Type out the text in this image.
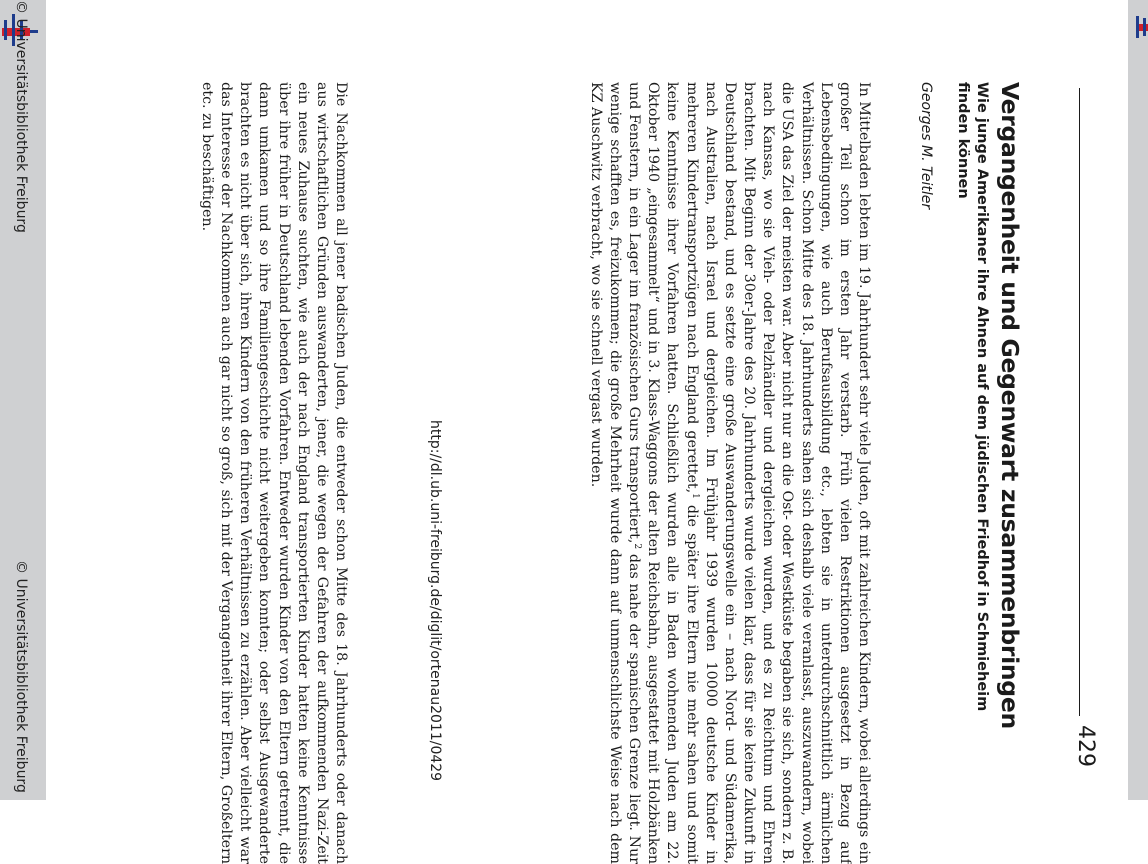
429

Vergangenheit und Gegenwart zusammenbringen

Wie junge Amerikaner ihre Ahnen auf dem jüdischen Friedhof in Schmieheim finden können

Georges M. Teitler

In Mittelbaden lebten im 19. Jahrhundert sehr viele Juden, oft mit zahlreichen Kindern, wobei allerdings ein großer Teil schon im ersten Jahr verstarb. Früh vielen Restriktionen ausgesetzt in Bezug auf Lebensbedingungen, wie auch Berufsausbildung etc., lebten sie in unterdurchschnittlich ärmlichen Verhältnissen. Schon Mitte des 18. Jahrhunderts sahen sich deshalb viele veranlasst, auszuwandern, wobei die USA das Ziel der meisten war. Aber nicht nur an die Ost- oder Westküste begaben sie sich, sondern z. B. nach Kansas, wo sie Vieh- oder Pelzhändler und dergleichen wurden, und es zu Reichtum und Ehren brachten. Mit Beginn der 30er-Jahre des 20. Jahrhunderts wurde vielen klar, dass für sie keine Zukunft in Deutschland bestand, und es setzte eine große Auswanderungswelle ein – nach Nord- und Südamerika, nach Australien, nach Israel und dergleichen. Im Frühjahr 1939 wurden 10000 deutsche Kinder in mehreren Kindertransportzügen nach England gerettet,$^1$ die später ihre Eltern nie mehr sahen und somit keine Kenntnisse ihrer Vorfahren hatten. Schließlich wurden alle in Baden wohnenden Juden am 22. Oktober 1940 „eingesammelt“ und in 3. Klass-Waggons der alten Reichsbahn, ausgestattet mit Holzbänken und Fenstern, in ein Lager im französischen Gurs transportiert,$^2$ das nahe der spanischen Grenze liegt. Nur wenige schafften es, freizukommen; die große Mehrheit wurde dann auf unmenschlichste Weise nach dem KZ Auschwitz verbracht, wo sie schnell vergast wurden.

Die Nachkommen all jener badischen Juden, die entweder schon Mitte des 18. Jahrhunderts oder danach aus wirtschaftlichen Gründen auswanderten, jener, die wegen der Gefahren der aufkommenden Nazi-Zeit ein neues Zuhause suchten, wie auch der nach England transportierten Kinder hatten keine Kenntnisse über ihre früher in Deutschland lebenden Vorfahren. Entweder wurden Kinder von den Eltern getrennt, die dann umkamen und so ihre Familiengeschichte nicht weitergeben konnten; oder selbst Ausgewanderte brachten es nicht über sich, ihren Kindern von den früheren Verhältnissen zu erzählen. Aber vielleicht war das Interesse der Nachkommen auch gar nicht so groß, sich mit der Vergangenheit ihrer Eltern, Großeltern etc. zu beschäftigen.

http://dl.ub.uni-freiburg.de/diglit/ortenau2011/0429

© Universitätsbibliothek Freiburg

© Universitätsbibliothek Freiburg
